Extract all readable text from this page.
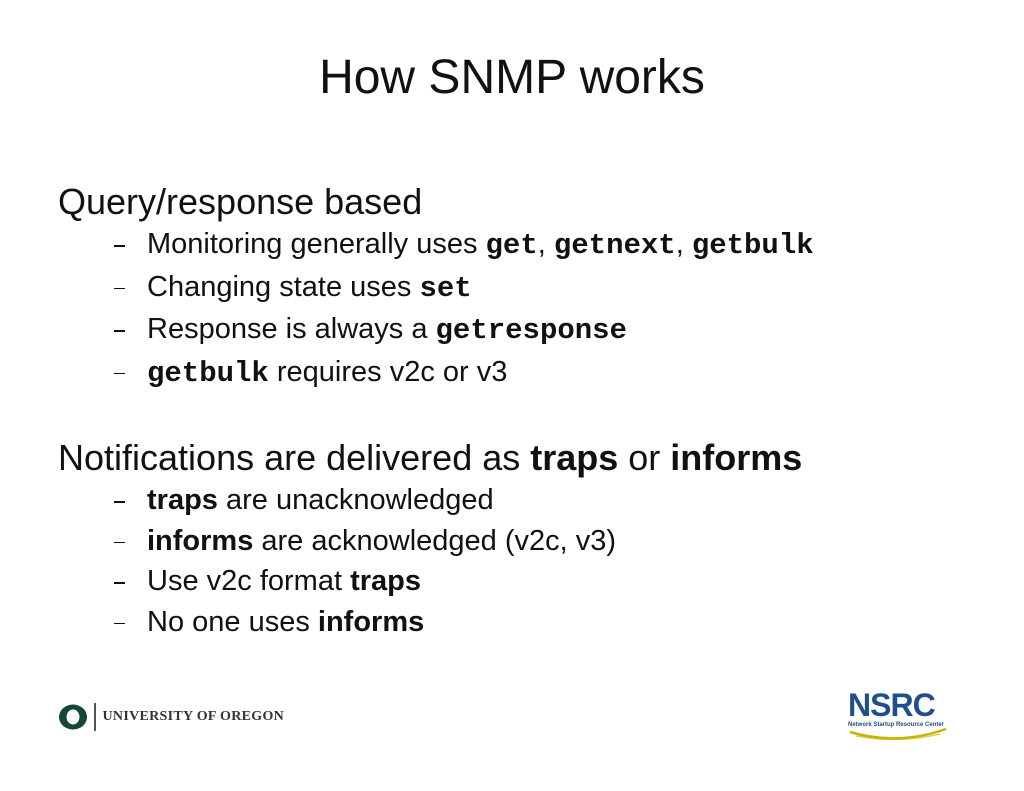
How SNMP works

Query/response based

Monitoring generally uses get, getnext, getbulk
Changing state uses set
Response is always a getresponse
getbulk requires v2c or v3

Notifications are delivered as traps or informs

traps are unacknowledged
informs are acknowledged (v2c, v3)
Use v2c format traps
No one uses informs
UNIVERSITY OF OREGON	NSRC
Network Startup Resource Center
